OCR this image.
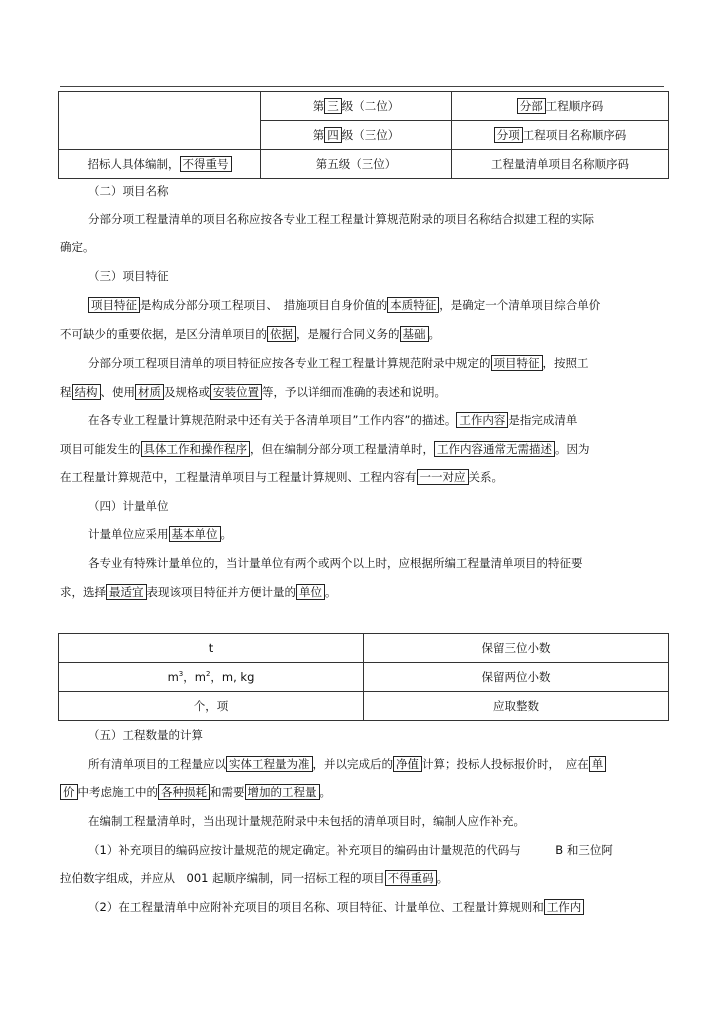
	第 三 级（二位）	分部 工程顺序码
	第 四 级（三位）	分项 工程项目名称顺序码
招标人具体编制， 不得重号	第五级（三位）	工程量清单项目名称顺序码
（二）项目名称
分部分项工程量清单的项目名称应按各专业工程工程量计算规范附录的项目名称结合拟建工程的实际
确定。
（三）项目特征
项目特征 是构成分部分项工程项目、　措施项目自身价值的 本质特征 ，是确定一个清单项目综合单价
不可缺少的重要依据，是区分清单项目的 依据 ，是履行合同义务的 基础 。
分部分项工程项目清单的项目特征应按各专业工程工程量计算规范附录中规定的 项目特征 ，按照工
程 结构 、使用 材质 及规格或 安装位置 等，予以详细而准确的表述和说明。
在各专业工程量计算规范附录中还有关于各清单项目”工作内容”的描述。 工作内容 是指完成清单
项目可能发生的 具体工作和操作程序 ，但在编制分部分项工程量清单时， 工作内容通常无需描述 。因为
在工程量计算规范中，工程量清单项目与工程量计算规则、工程内容有 一一对应 关系。
（四）计量单位
计量单位应采用 基本单位 。
各专业有特殊计量单位的，当计量单位有两个或两个以上时，应根据所编工程量清单项目的特征要
求，选择 最适宜 表现该项目特征并方便计量的 单位 。
t	保留三位小数
$m^3$，$m^2$，m, kg	保留两位小数
个，项	应取整数
（五）工程数量的计算
所有清单项目的工程量应以 实体工程量为准 ，并以完成后的 净值 计算；投标人投标报价时，　应在 单
价 中考虑施工中的 各种损耗 和需要 增加的工程量 。
在编制工程量清单时，当出现计量规范附录中未包括的清单项目时，编制人应作补充。
（1）补充项目的编码应按计量规范的规定确定。补充项目的编码由计量规范的代码与　　　B 和三位阿
拉伯数字组成，并应从　001 起顺序编制，同一招标工程的项目 不得重码 。
（2）在工程量清单中应附补充项目的项目名称、项目特征、计量单位、工程量计算规则和 工作内
